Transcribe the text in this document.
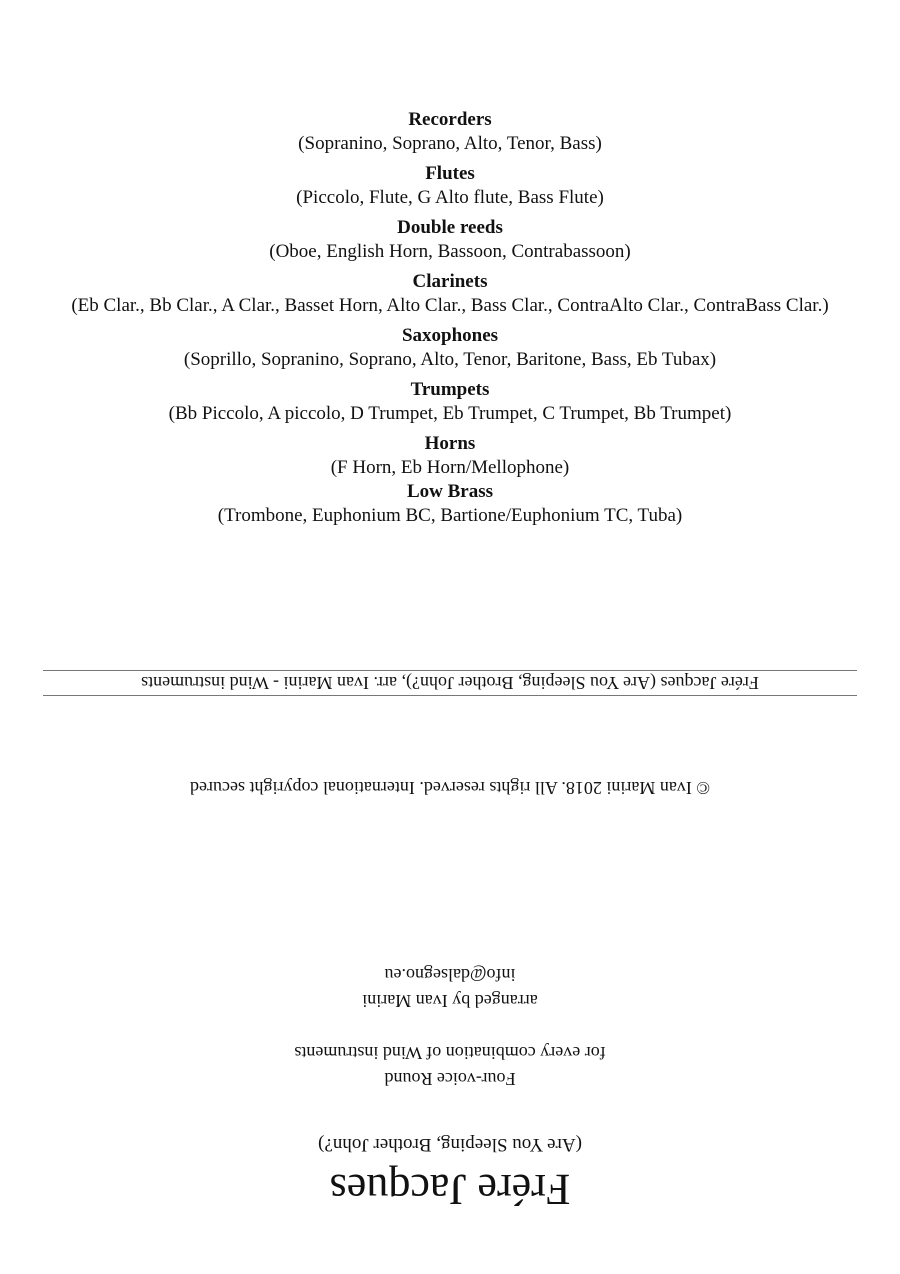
Recorders
(Sopranino, Soprano, Alto, Tenor, Bass)
Flutes
(Piccolo, Flute, G Alto flute, Bass Flute)
Double reeds
(Oboe, English Horn, Bassoon, Contrabassoon)
Clarinets
(Eb Clar., Bb Clar., A Clar., Basset Horn, Alto Clar., Bass Clar., ContraAlto Clar., ContraBass Clar.)
Saxophones
(Soprillo, Sopranino, Soprano, Alto, Tenor, Baritone, Bass, Eb Tubax)
Trumpets
(Bb Piccolo, A piccolo, D Trumpet, Eb Trumpet, C Trumpet, Bb Trumpet)
Horns
(F Horn, Eb Horn/Mellophone)
Low Brass
(Trombone, Euphonium BC, Bartione/Euphonium TC, Tuba)
Frére Jacques
(Are You Sleeping, Brother John?)
Four-voice Round
for every combination of Wind instruments
arranged by Ivan Marini
info@dalsegno.eu
© Ivan Marini 2018. All rights reserved. International copyright secured
Frére Jacques (Are You Sleeping, Brother John?), arr. Ivan Marini - Wind instruments
